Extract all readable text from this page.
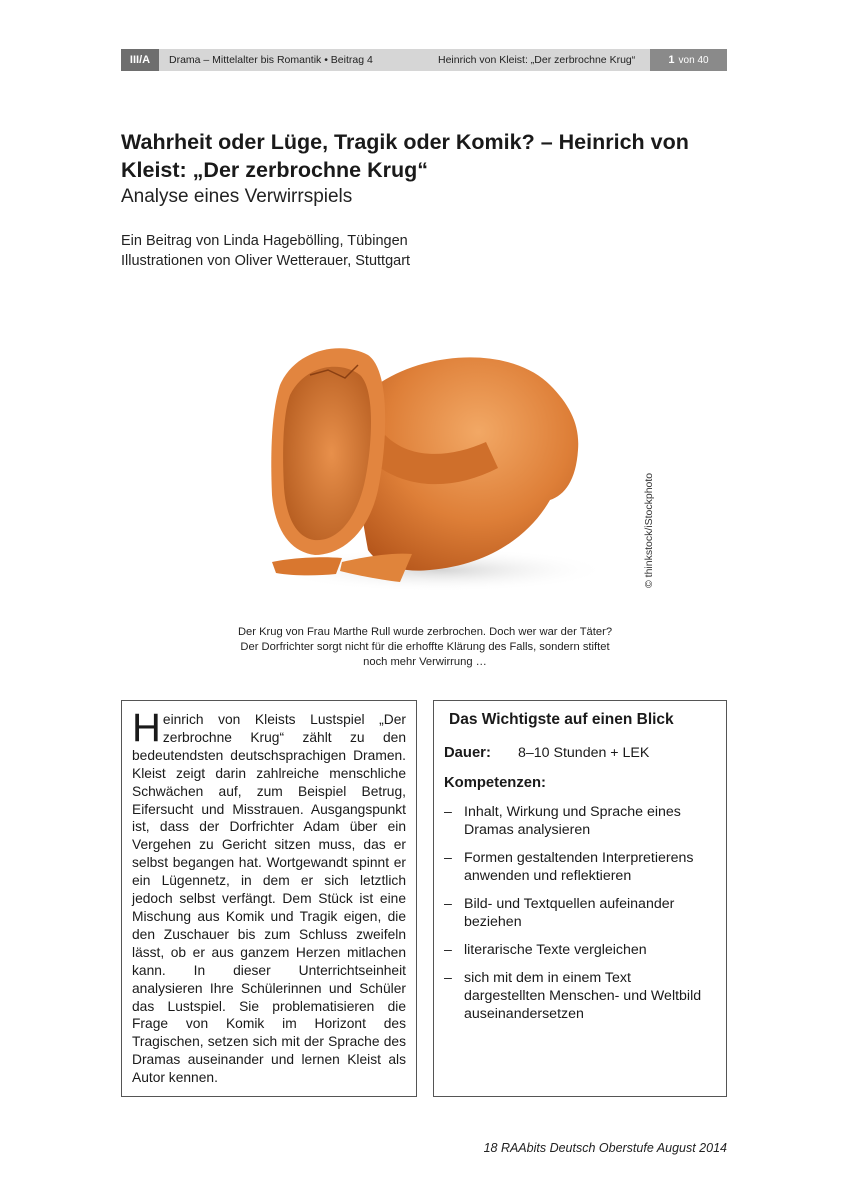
III/A	Drama – Mittelalter bis Romantik • Beitrag 4	Heinrich von Kleist: „Der zerbrochne Krug“	1 von 40
Wahrheit oder Lüge, Tragik oder Komik? – Heinrich von Kleist: „Der zerbrochne Krug“

Analyse eines Verwirrspiels

Ein Beitrag von Linda Hagebölling, Tübingen
Illustrationen von Oliver Wetterauer, Stuttgart
© thinkstock/iStockphoto
Der Krug von Frau Marthe Rull wurde zerbrochen. Doch wer war der Täter?
Der Dorfrichter sorgt nicht für die erhoffte Klärung des Falls, sondern stiftet
noch mehr Verwirrung …

Heinrich von Kleists Lustspiel „Der zerbrochne Krug“ zählt zu den bedeutendsten deutschsprachigen Dramen. Kleist zeigt darin zahlreiche menschliche Schwächen auf, zum Beispiel Betrug, Eifersucht und Misstrauen. Ausgangspunkt ist, dass der Dorfrichter Adam über ein Vergehen zu Gericht sitzen muss, das er selbst begangen hat. Wortgewandt spinnt er ein Lügennetz, in dem er sich letztlich jedoch selbst verfängt. Dem Stück ist eine Mischung aus Komik und Tragik eigen, die den Zuschauer bis zum Schluss zweifeln lässt, ob er aus ganzem Herzen mitlachen kann. In dieser Unterrichtseinheit analysieren Ihre Schülerinnen und Schüler das Lustspiel. Sie problematisieren die Frage von Komik im Horizont des Tragischen, setzen sich mit der Sprache des Dramas auseinander und lernen Kleist als Autor kennen.

Das Wichtigste auf einen Blick
Dauer:	8–10 Stunden + LEK
Kompetenzen:
– Inhalt, Wirkung und Sprache eines Dramas analysieren
– Formen gestaltenden Interpretierens anwenden und reflektieren
– Bild- und Textquellen aufeinander beziehen
– literarische Texte vergleichen
– sich mit dem in einem Text dargestellten Menschen- und Weltbild auseinandersetzen
18 RAAbits Deutsch Oberstufe August 2014
